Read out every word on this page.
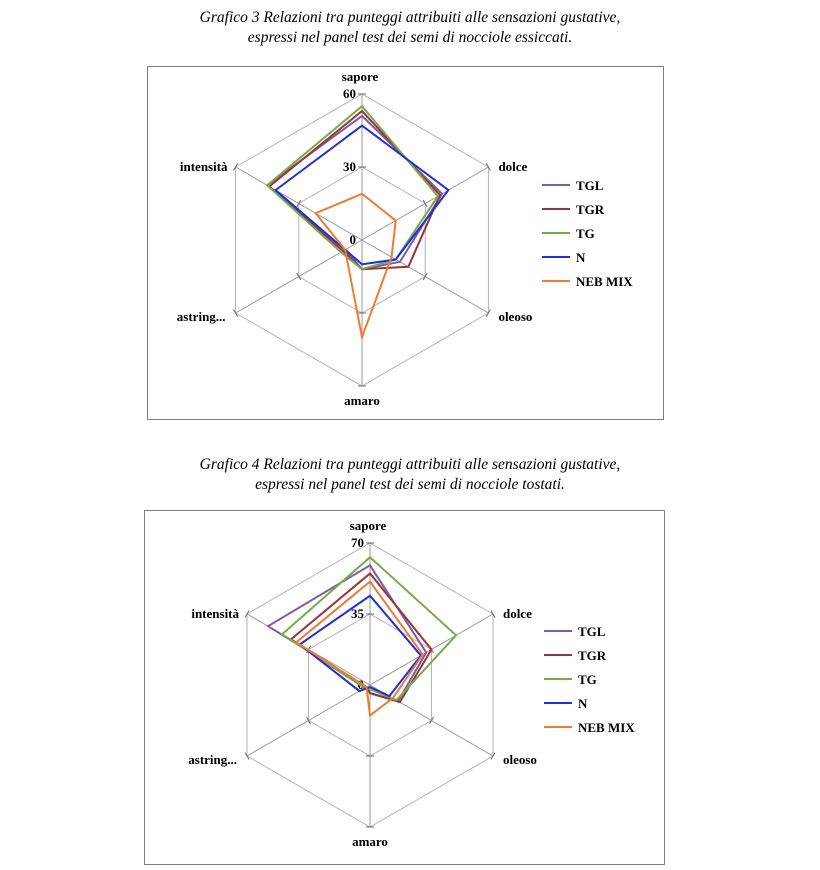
Grafico 3 Relazioni tra punteggi attribuiti alle sensazioni gustative,
espressi nel panel test dei semi di nocciole essiccati.
sapore
dolce
oleoso
amaro
astring...
intensità
0
30
60
TGL
TGR
TG
N
NEB MIX
Grafico 4 Relazioni tra punteggi attribuiti alle sensazioni gustative,
espressi nel panel test dei semi di nocciole tostati.
sapore
dolce
oleoso
amaro
astring...
intensità
0
35
70
TGL
TGR
TG
N
NEB MIX
